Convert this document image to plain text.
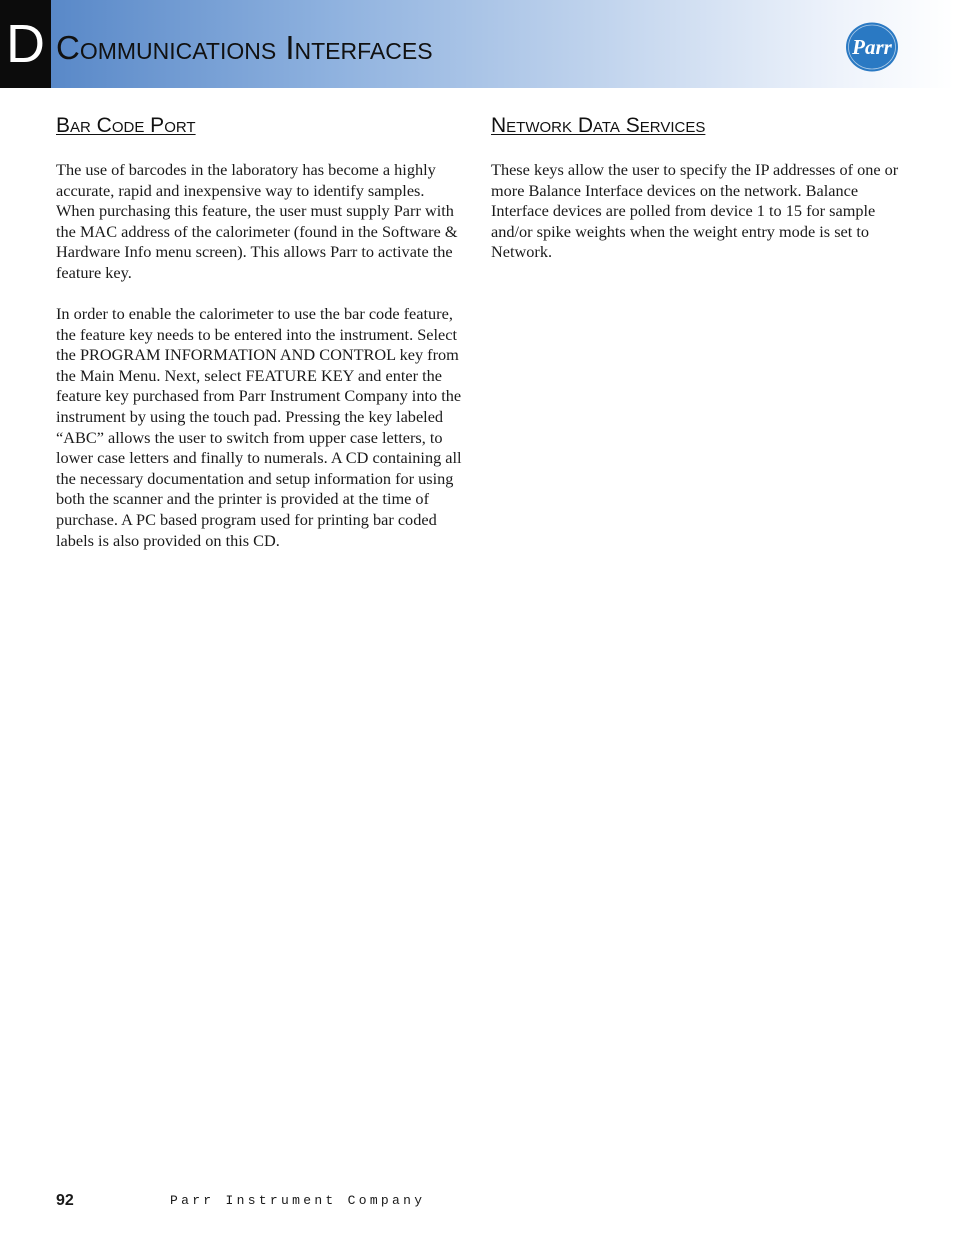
D Communications Interfaces	Parr
Bar Code Port

The use of barcodes in the laboratory has become a highly accurate, rapid and inexpensive way to identify samples. When purchasing this feature, the user must supply Parr with the MAC address of the calorimeter (found in the Software & Hardware Info menu screen). This allows Parr to activate the feature key.

In order to enable the calorimeter to use the bar code feature, the feature key needs to be entered into the instrument. Select the PROGRAM INFORMATION AND CONTROL key from the Main Menu. Next, select FEATURE KEY and enter the feature key purchased from Parr Instrument Company into the instrument by using the touch pad. Pressing the key labeled “ABC” allows the user to switch from upper case letters, to lower case letters and finally to numerals. A CD containing all the necessary documentation and setup information for using both the scanner and the printer is provided at the time of purchase. A PC based program used for printing bar coded labels is also provided on this CD.

Network Data Services

These keys allow the user to specify the IP addresses of one or more Balance Interface devices on the network. Balance Interface devices are polled from device 1 to 15 for sample and/or spike weights when the weight entry mode is set to Network.

92	Parr Instrument Company
